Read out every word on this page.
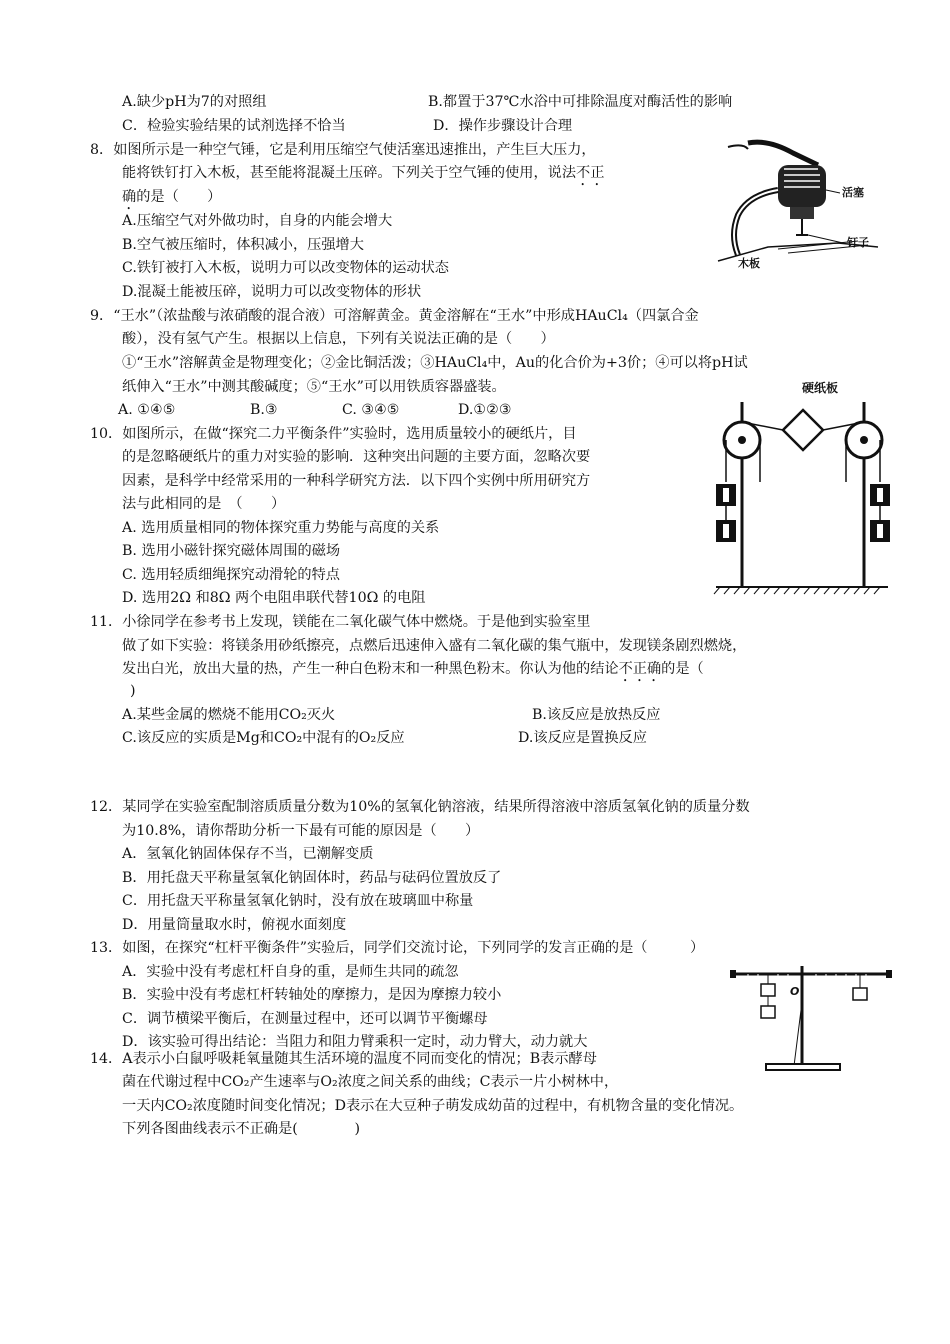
A.缺少pH为7的对照组	B.都置于37℃水浴中可排除温度对酶活性的影响
C．检验实验结果的试剂选择不恰当	D．操作步骤设计合理
8．如图所示是一种空气锤，它是利用压缩空气使活塞迅速推出，产生巨大压力，
能将铁钉打入木板，甚至能将混凝土压碎。下列关于空气锤的使用，说法不正
确的是（　　）
A.压缩空气对外做功时，自身的内能会增大
B.空气被压缩时，体积减小，压强增大
C.铁钉被打入木板，说明力可以改变物体的运动状态
D.混凝土能被压碎，说明力可以改变物体的形状
活塞
钉子
木板
9．“王水”（浓盐酸与浓硝酸的混合液）可溶解黄金。黄金溶解在“王水”中形成HAuCl₄（四氯合金
酸），没有氢气产生。根据以上信息，下列有关说法正确的是（　　）
①“王水”溶解黄金是物理变化；②金比铜活泼；③HAuCl₄中，Au的化合价为+3价；④可以将pH试
纸伸入“王水”中测其酸碱度；⑤“王水”可以用铁质容器盛装。
A. ①④⑤	B.③	C. ③④⑤	D.①②③
10．如图所示，在做“探究二力平衡条件”实验时，选用质量较小的硬纸片，目
的是忽略硬纸片的重力对实验的影响．这种突出问题的主要方面，忽略次要
因素，是科学中经常采用的一种科学研究方法．以下四个实例中所用研究方
法与此相同的是　（　　）
A. 选用质量相同的物体探究重力势能与高度的关系
B. 选用小磁针探究磁体周围的磁场
C. 选用轻质细绳探究动滑轮的特点
D. 选用2Ω 和8Ω 两个电阻串联代替10Ω 的电阻
硬纸板
11．小徐同学在参考书上发现，镁能在二氧化碳气体中燃烧。于是他到实验室里
做了如下实验：将镁条用砂纸擦亮，点燃后迅速伸入盛有二氧化碳的集气瓶中，发现镁条剧烈燃烧，
发出白光，放出大量的热，产生一种白色粉末和一种黑色粉末。你认为他的结论不正确的是（
)
A.某些金属的燃烧不能用CO₂灭火	B.该反应是放热反应
C.该反应的实质是Mg和CO₂中混有的O₂反应	D.该反应是置换反应
12．某同学在实验室配制溶质质量分数为10%的氢氧化钠溶液，结果所得溶液中溶质氢氧化钠的质量分数
为10.8%，请你帮助分析一下最有可能的原因是（　　）
A．氢氧化钠固体保存不当，已潮解变质
B．用托盘天平称量氢氧化钠固体时，药品与砝码位置放反了
C．用托盘天平称量氢氧化钠时，没有放在玻璃皿中称量
D．用量筒量取水时，俯视水面刻度
13．如图，在探究“杠杆平衡条件”实验后，同学们交流讨论，下列同学的发言正确的是（　　　）
A．实验中没有考虑杠杆自身的重，是师生共同的疏忽
B．实验中没有考虑杠杆转轴处的摩擦力，是因为摩擦力较小
C．调节横梁平衡后，在测量过程中，还可以调节平衡螺母
D．该实验可得出结论：当阻力和阻力臂乘积一定时，动力臂大，动力就大
O
14．A表示小白鼠呼吸耗氧量随其生活环境的温度不同而变化的情况；B表示酵母
菌在代谢过程中CO₂产生速率与O₂浓度之间关系的曲线；C表示一片小树林中，
一天内CO₂浓度随时间变化情况；D表示在大豆种子萌发成幼苗的过程中，有机物含量的变化情况。
下列各图曲线表示不正确是(　　　　)
